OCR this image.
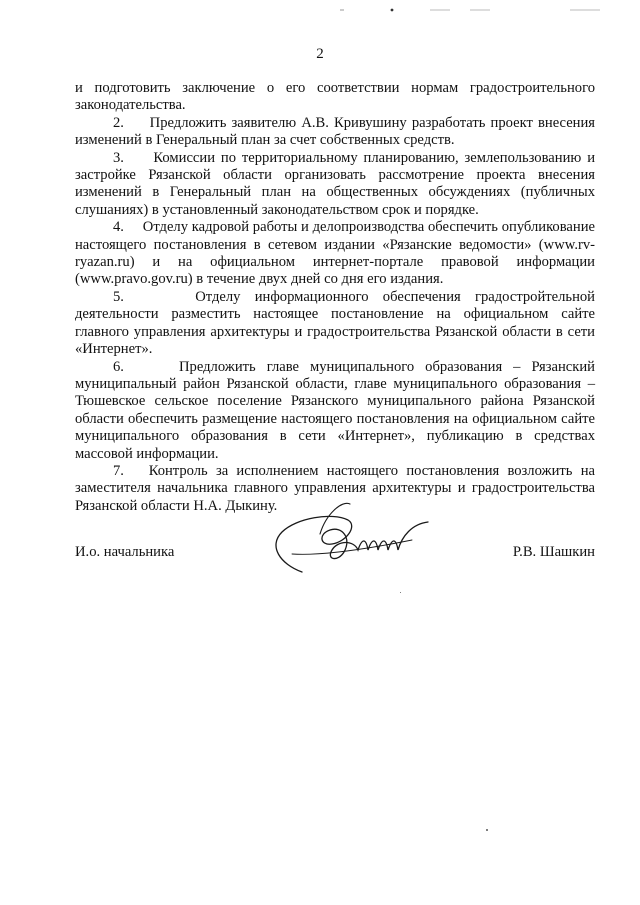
2

и подготовить заключение о его соответствии нормам градостроительного законодательства.

2. Предложить заявителю А.В. Кривушину разработать проект внесения изменений в Генеральный план за счет собственных средств.

3. Комиссии по территориальному планированию, землепользованию и застройке Рязанской области организовать рассмотрение проекта внесения изменений в Генеральный план на общественных обсуждениях (публичных слушаниях) в установленный законодательством срок и порядке.

4. Отделу кадровой работы и делопроизводства обеспечить опубликование настоящего постановления в сетевом издании «Рязанские ведомости» (www.rv-ryazan.ru) и на официальном интернет-портале правовой информации (www.pravo.gov.ru) в течение двух дней со дня его издания.

5.	Отделу информационного обеспечения градостройтельной деятельности разместить настоящее постановление на официальном сайте главного управления архитектуры и градостроительства Рязанской области в сети «Интернет».

6.	Предложить главе муниципального образования – Рязанский муниципальный район Рязанской области, главе муниципального образования – Тюшевское сельское поселение Рязанского муниципального района Рязанской области обеспечить размещение настоящего постановления на официальном сайте муниципального образования в сети «Интернет», публикацию в средствах массовой информации.

7. Контроль за исполнением настоящего постановления возложить на заместителя начальника главного управления архитектуры и градостроительства Рязанской области Н.А. Дыкину.

И.о. начальника	Р.В. Шашкин
